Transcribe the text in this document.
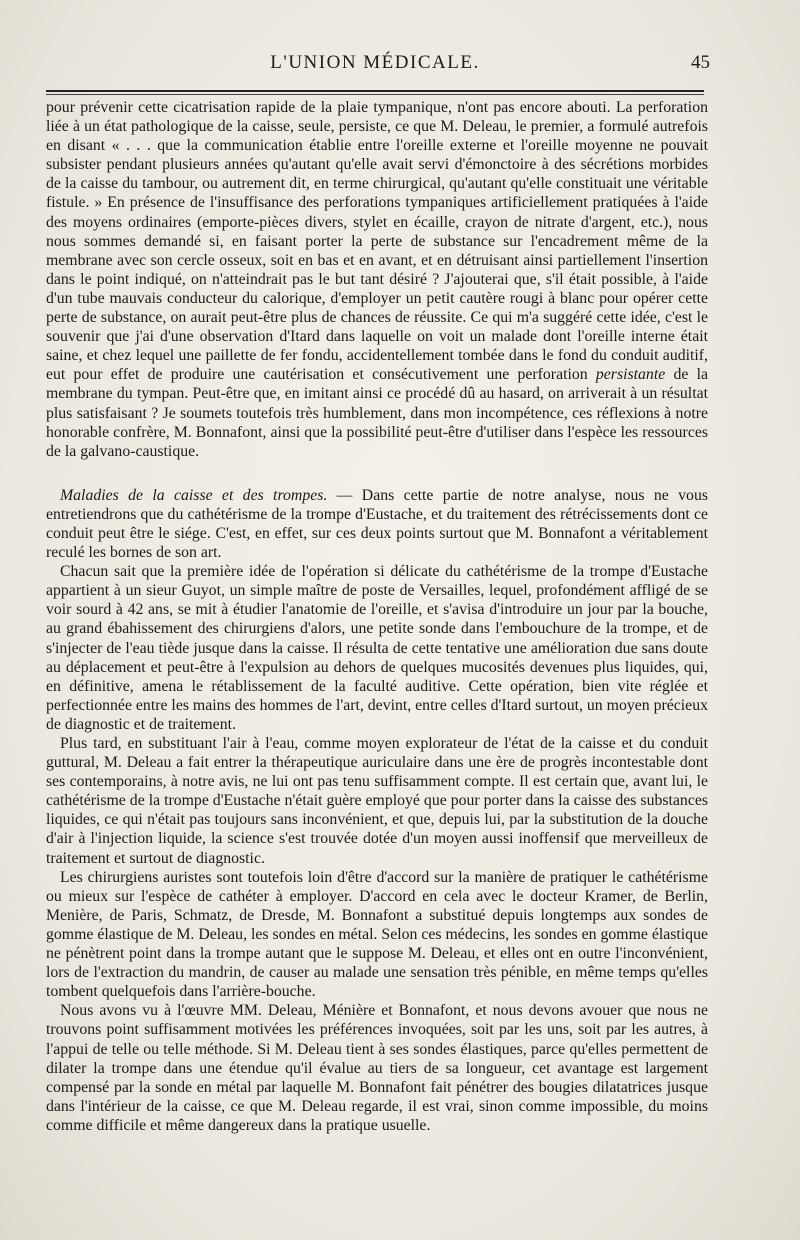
L'UNION MÉDICALE.	45

pour prévenir cette cicatrisation rapide de la plaie tympanique, n'ont pas encore abouti. La perforation liée à un état pathologique de la caisse, seule, persiste, ce que M. Deleau, le premier, a formulé autrefois en disant « . . . que la communication établie entre l'oreille externe et l'oreille moyenne ne pouvait subsister pendant plusieurs années qu'autant qu'elle avait servi d'émonctoire à des sécrétions morbides de la caisse du tambour, ou autrement dit, en terme chirurgical, qu'autant qu'elle constituait une véritable fistule. » En présence de l'insuffisance des perforations tympaniques artificiellement pratiquées à l'aide des moyens ordinaires (emporte-pièces divers, stylet en écaille, crayon de nitrate d'argent, etc.), nous nous sommes demandé si, en faisant porter la perte de substance sur l'encadrement même de la membrane avec son cercle osseux, soit en bas et en avant, et en détruisant ainsi partiellement l'insertion dans le point indiqué, on n'atteindrait pas le but tant désiré ? J'ajouterai que, s'il était possible, à l'aide d'un tube mauvais conducteur du calorique, d'employer un petit cautère rougi à blanc pour opérer cette perte de substance, on aurait peut-être plus de chances de réussite. Ce qui m'a suggéré cette idée, c'est le souvenir que j'ai d'une observation d'Itard dans laquelle on voit un malade dont l'oreille interne était saine, et chez lequel une paillette de fer fondu, accidentellement tombée dans le fond du conduit auditif, eut pour effet de produire une cautérisation et consécutivement une perforation persistante de la membrane du tympan. Peut-être que, en imitant ainsi ce procédé dû au hasard, on arriverait à un résultat plus satisfaisant ? Je soumets toutefois très humblement, dans mon incompétence, ces réflexions à notre honorable confrère, M. Bonnafont, ainsi que la possibilité peut-être d'utiliser dans l'espèce les ressources de la galvano-caustique.

Maladies de la caisse et des trompes. — Dans cette partie de notre analyse, nous ne vous entretiendrons que du cathétérisme de la trompe d'Eustache, et du traitement des rétrécissements dont ce conduit peut être le siége. C'est, en effet, sur ces deux points surtout que M. Bonnafont a véritablement reculé les bornes de son art.

Chacun sait que la première idée de l'opération si délicate du cathétérisme de la trompe d'Eustache appartient à un sieur Guyot, un simple maître de poste de Versailles, lequel, profondément affligé de se voir sourd à 42 ans, se mit à étudier l'anatomie de l'oreille, et s'avisa d'introduire un jour par la bouche, au grand ébahissement des chirurgiens d'alors, une petite sonde dans l'embouchure de la trompe, et de s'injecter de l'eau tiède jusque dans la caisse. Il résulta de cette tentative une amélioration due sans doute au déplacement et peut-être à l'expulsion au dehors de quelques mucosités devenues plus liquides, qui, en définitive, amena le rétablissement de la faculté auditive. Cette opération, bien vite réglée et perfectionnée entre les mains des hommes de l'art, devint, entre celles d'Itard surtout, un moyen précieux de diagnostic et de traitement.

Plus tard, en substituant l'air à l'eau, comme moyen explorateur de l'état de la caisse et du conduit guttural, M. Deleau a fait entrer la thérapeutique auriculaire dans une ère de progrès incontestable dont ses contemporains, à notre avis, ne lui ont pas tenu suffisamment compte. Il est certain que, avant lui, le cathétérisme de la trompe d'Eustache n'était guère employé que pour porter dans la caisse des substances liquides, ce qui n'était pas toujours sans inconvénient, et que, depuis lui, par la substitution de la douche d'air à l'injection liquide, la science s'est trouvée dotée d'un moyen aussi inoffensif que merveilleux de traitement et surtout de diagnostic.

Les chirurgiens auristes sont toutefois loin d'être d'accord sur la manière de pratiquer le cathétérisme ou mieux sur l'espèce de cathéter à employer. D'accord en cela avec le docteur Kramer, de Berlin, Menière, de Paris, Schmatz, de Dresde, M. Bonnafont a substitué depuis longtemps aux sondes de gomme élastique de M. Deleau, les sondes en métal. Selon ces médecins, les sondes en gomme élastique ne pénètrent point dans la trompe autant que le suppose M. Deleau, et elles ont en outre l'inconvénient, lors de l'extraction du mandrin, de causer au malade une sensation très pénible, en même temps qu'elles tombent quelquefois dans l'arrière-bouche.

Nous avons vu à l'œuvre MM. Deleau, Ménière et Bonnafont, et nous devons avouer que nous ne trouvons point suffisamment motivées les préférences invoquées, soit par les uns, soit par les autres, à l'appui de telle ou telle méthode. Si M. Deleau tient à ses sondes élastiques, parce qu'elles permettent de dilater la trompe dans une étendue qu'il évalue au tiers de sa longueur, cet avantage est largement compensé par la sonde en métal par laquelle M. Bonnafont fait pénétrer des bougies dilatatrices jusque dans l'intérieur de la caisse, ce que M. Deleau regarde, il est vrai, sinon comme impossible, du moins comme difficile et même dangereux dans la pratique usuelle.
